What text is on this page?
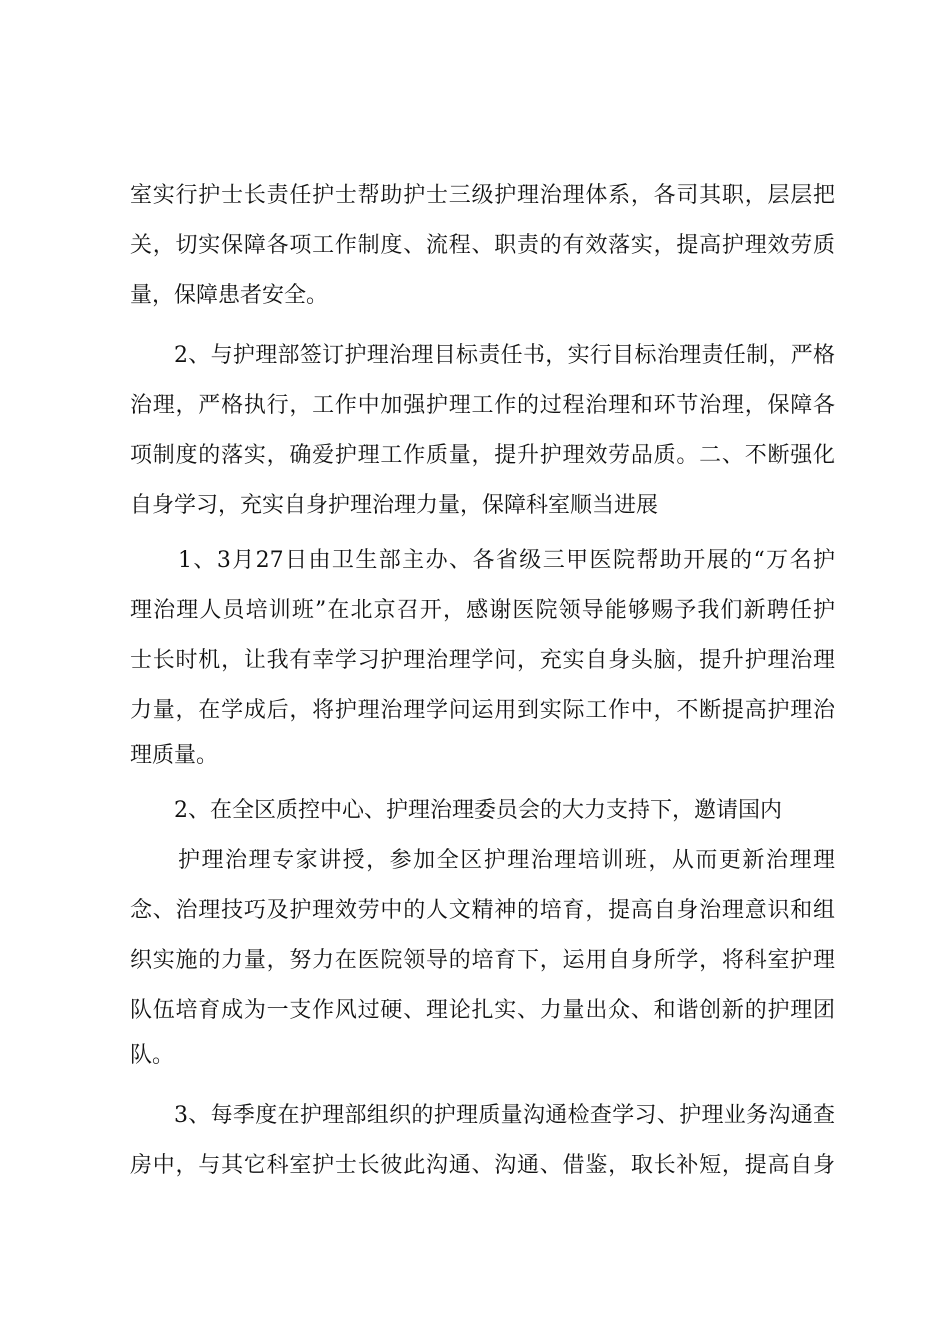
室实行护士长责任护士帮助护士三级护理治理体系，各司其职，层层把
关，切实保障各项工作制度、流程、职责的有效落实，提高护理效劳质
量，保障患者安全。
2、与护理部签订护理治理目标责任书，实行目标治理责任制，严格
治理，严格执行，工作中加强护理工作的过程治理和环节治理，保障各
项制度的落实，确爱护理工作质量，提升护理效劳品质。二、不断强化
自身学习，充实自身护理治理力量，保障科室顺当进展
1、3月27日由卫生部主办、各省级三甲医院帮助开展的“万名护
理治理人员培训班”在北京召开，感谢医院领导能够赐予我们新聘任护
士长时机，让我有幸学习护理治理学问，充实自身头脑，提升护理治理
力量，在学成后，将护理治理学问运用到实际工作中，不断提高护理治
理质量。
2、在全区质控中心、护理治理委员会的大力支持下，邀请国内
护理治理专家讲授，参加全区护理治理培训班，从而更新治理理
念、治理技巧及护理效劳中的人文精神的培育，提高自身治理意识和组
织实施的力量，努力在医院领导的培育下，运用自身所学，将科室护理
队伍培育成为一支作风过硬、理论扎实、力量出众、和谐创新的护理团
队。
3、每季度在护理部组织的护理质量沟通检查学习、护理业务沟通查
房中，与其它科室护士长彼此沟通、沟通、借鉴，取长补短，提高自身
